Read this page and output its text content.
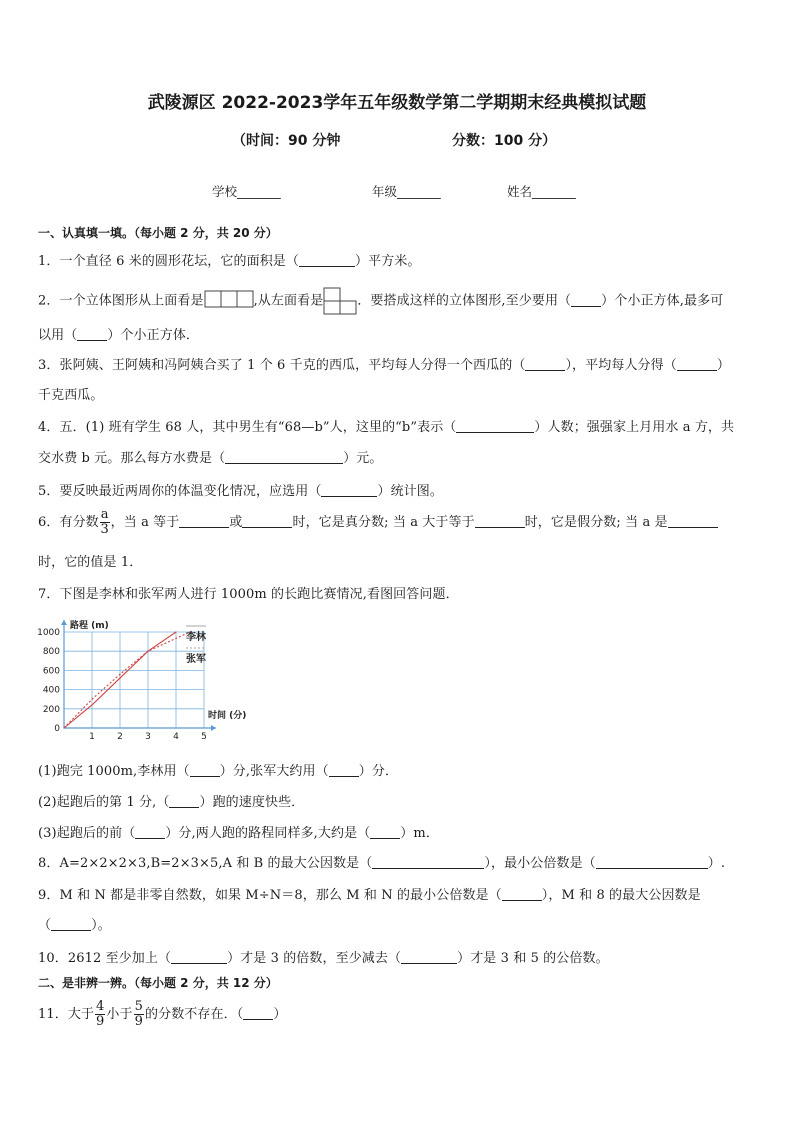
武陵源区 2022-2023学年五年级数学第二学期期末经典模拟试题
（时间：90 分钟	分数：100 分）
学校_______	年级_______	姓名_______
一、认真填一填。（每小题 2 分，共 20 分）
1．一个直径 6 米的圆形花坛，它的面积是（	）平方米。
2．一个立体图形从上面看是	,从左面看是	．要搭成这样的立体图形,至少要用（ ）个小正方体,最多可
以用（ ）个小正方体．
3．张阿姨、王阿姨和冯阿姨合买了 1 个 6 千克的西瓜，平均每人分得一个西瓜的（	），平均每人分得（	）
千克西瓜。
4．五．(1) 班有学生 68 人，其中男生有“68—b”人，这里的“b”表示（	）人数；强强家上月用水 a 方，共
交水费 b 元。那么每方水费是（	）元。
5．要反映最近两周你的体温变化情况，应选用（	）统计图。
6．有分数 $\frac{a}{3}$ ，当 a 等于	或	时，它是真分数; 当 a 大于等于	时，它是假分数; 当 a 是
时，它的值是 1．
7．下图是李林和张军两人进行 1000m 的长跑比赛情况,看图回答问题．
1 2 3 4 5
0
200
400
600
800
1000
路程 (m)
时间 (分)
李林
张军
(1)跑完 1000m,李林用（ ）分,张军大约用（ ）分．
(2)起跑后的第 1 分,（ ）跑的速度快些．
(3)起跑后的前（ ）分,两人跑的路程同样多,大约是（ ）m．
8．A=2×2×2×3,B=2×3×5,A 和 B 的最大公因数是（	），最小公倍数是（	）.
9．M 和 N 都是非零自然数，如果 M÷N＝8，那么 M 和 N 的最小公倍数是（	），M 和 8 的最大公因数是
（	）。
10．2612 至少加上（	）才是 3 的倍数，至少减去（	）才是 3 和 5 的公倍数。
二、是非辨一辨。（每小题 2 分，共 12 分）
11．大于 $\frac{4}{9}$ 小于 $\frac{5}{9}$ 的分数不存在．（ ）
